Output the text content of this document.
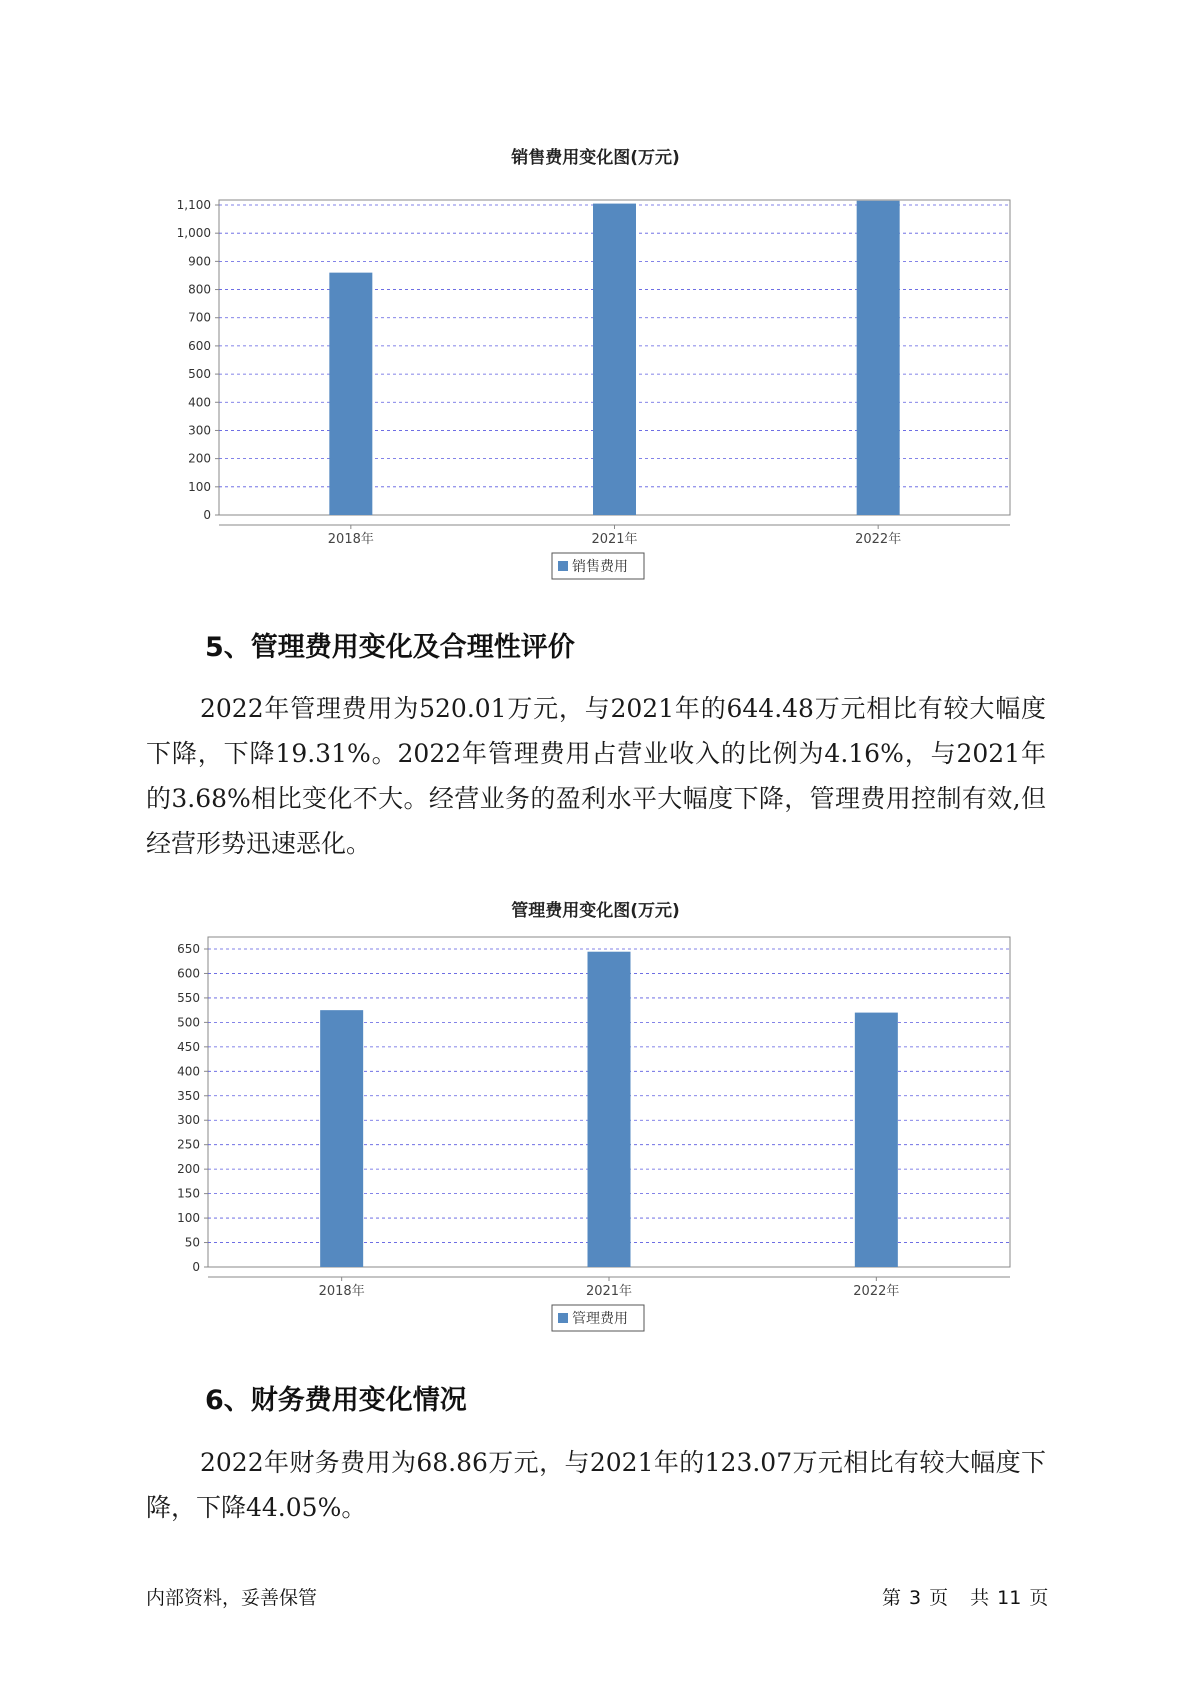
销售费用变化图(万元)
0
100
200
300
400
500
600
700
800
900
1,000
1,100
2018年	2021年	2022年
销售费用
5、管理费用变化及合理性评价
2022年管理费用为520.01万元，与2021年的644.48万元相比有较大幅度下降，下降19.31%。2022年管理费用占营业收入的比例为4.16%，与2021年的3.68%相比变化不大。经营业务的盈利水平大幅度下降，管理费用控制有效,但经营形势迅速恶化。
管理费用变化图(万元)
0
50
100
150
200
250
300
350
400
450
500
550
600
650
2018年	2021年	2022年
管理费用
6、财务费用变化情况
2022年财务费用为68.86万元，与2021年的123.07万元相比有较大幅度下降，下降44.05%。
内部资料，妥善保管	第 3 页 共 11 页
